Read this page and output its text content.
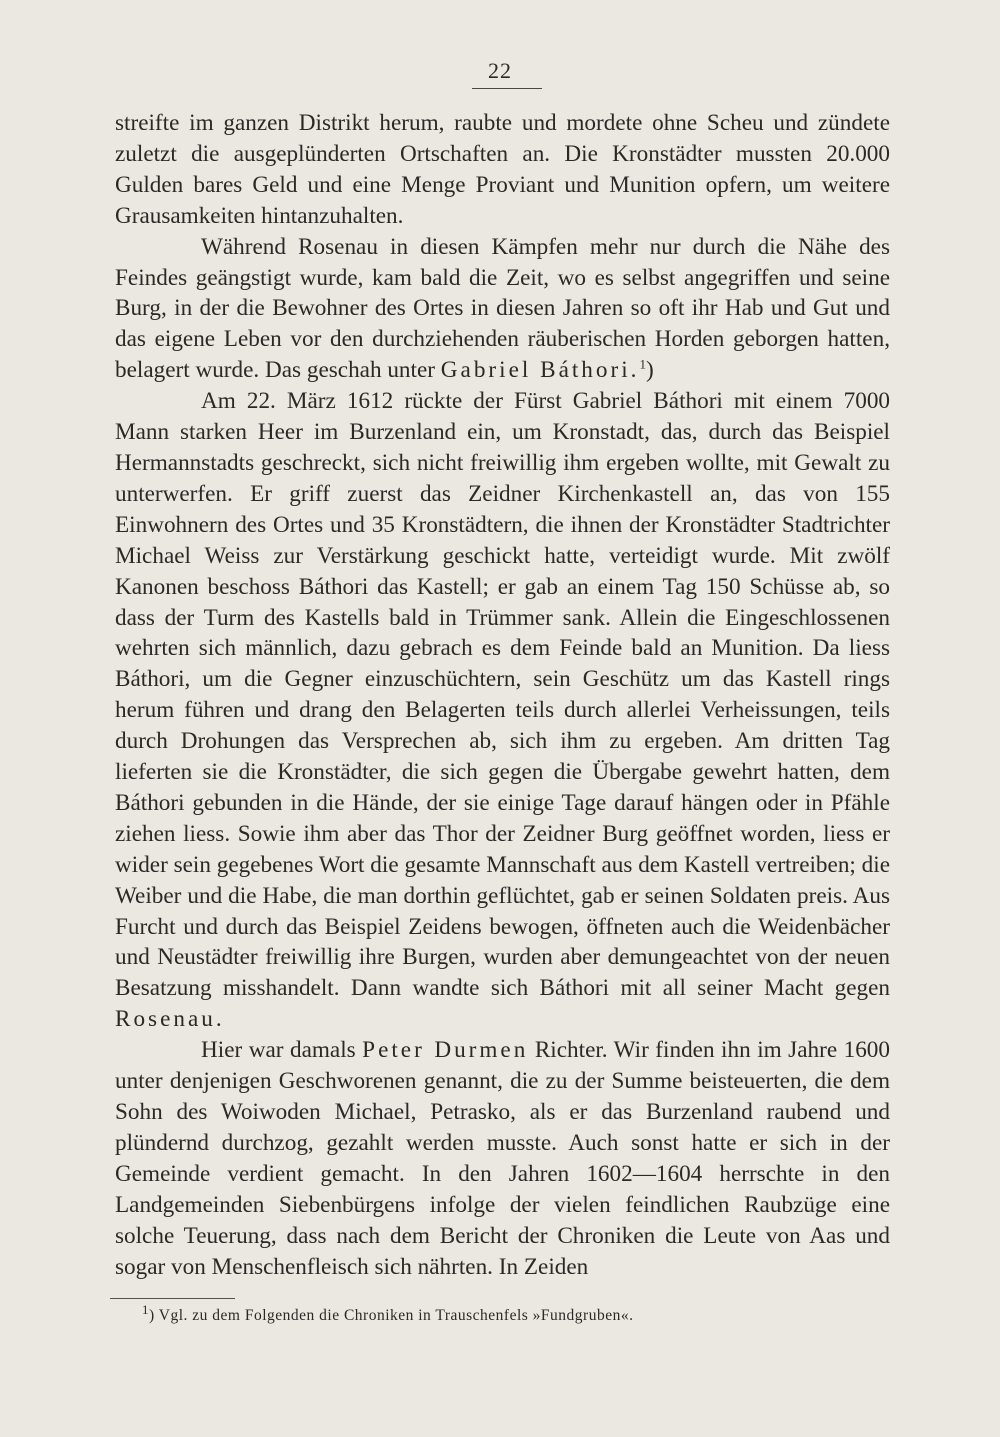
22

streifte im ganzen Distrikt herum, raubte und mordete ohne Scheu und zündete zuletzt die ausgeplünderten Ortschaften an. Die Kronstädter mussten 20.000 Gulden bares Geld und eine Menge Proviant und Munition opfern, um weitere Grausamkeiten hintanzuhalten.

Während Rosenau in diesen Kämpfen mehr nur durch die Nähe des Feindes geängstigt wurde, kam bald die Zeit, wo es selbst angegriffen und seine Burg, in der die Bewohner des Ortes in diesen Jahren so oft ihr Hab und Gut und das eigene Leben vor den durchziehenden räuberischen Horden geborgen hatten, belagert wurde. Das geschah unter Gabriel Báthori.$^1$)

Am 22. März 1612 rückte der Fürst Gabriel Báthori mit einem 7000 Mann starken Heer im Burzenland ein, um Kronstadt, das, durch das Beispiel Hermannstadts geschreckt, sich nicht freiwillig ihm ergeben wollte, mit Gewalt zu unterwerfen. Er griff zuerst das Zeidner Kirchenkastell an, das von 155 Einwohnern des Ortes und 35 Kronstädtern, die ihnen der Kronstädter Stadtrichter Michael Weiss zur Verstärkung geschickt hatte, verteidigt wurde. Mit zwölf Kanonen beschoss Báthori das Kastell; er gab an einem Tag 150 Schüsse ab, so dass der Turm des Kastells bald in Trümmer sank. Allein die Eingeschlossenen wehrten sich männlich, dazu gebrach es dem Feinde bald an Munition. Da liess Báthori, um die Gegner einzuschüchtern, sein Geschütz um das Kastell rings herum führen und drang den Belagerten teils durch allerlei Verheissungen, teils durch Drohungen das Versprechen ab, sich ihm zu ergeben. Am dritten Tag lieferten sie die Kronstädter, die sich gegen die Übergabe gewehrt hatten, dem Báthori gebunden in die Hände, der sie einige Tage darauf hängen oder in Pfähle ziehen liess. Sowie ihm aber das Thor der Zeidner Burg geöffnet worden, liess er wider sein gegebenes Wort die gesamte Mannschaft aus dem Kastell vertreiben; die Weiber und die Habe, die man dorthin geflüchtet, gab er seinen Soldaten preis. Aus Furcht und durch das Beispiel Zeidens bewogen, öffneten auch die Weidenbächer und Neustädter freiwillig ihre Burgen, wurden aber demungeachtet von der neuen Besatzung misshandelt. Dann wandte sich Báthori mit all seiner Macht gegen Rosenau.

Hier war damals Peter Durmen Richter. Wir finden ihn im Jahre 1600 unter denjenigen Geschworenen genannt, die zu der Summe beisteuerten, die dem Sohn des Woiwoden Michael, Petrasko, als er das Burzenland raubend und plündernd durchzog, gezahlt werden musste. Auch sonst hatte er sich in der Gemeinde verdient gemacht. In den Jahren 1602—1604 herrschte in den Landgemeinden Siebenbürgens infolge der vielen feindlichen Raubzüge eine solche Teuerung, dass nach dem Bericht der Chroniken die Leute von Aas und sogar von Menschenfleisch sich nährten. In Zeiden

$^1$) Vgl. zu dem Folgenden die Chroniken in Trauschenfels »Fundgruben«.
